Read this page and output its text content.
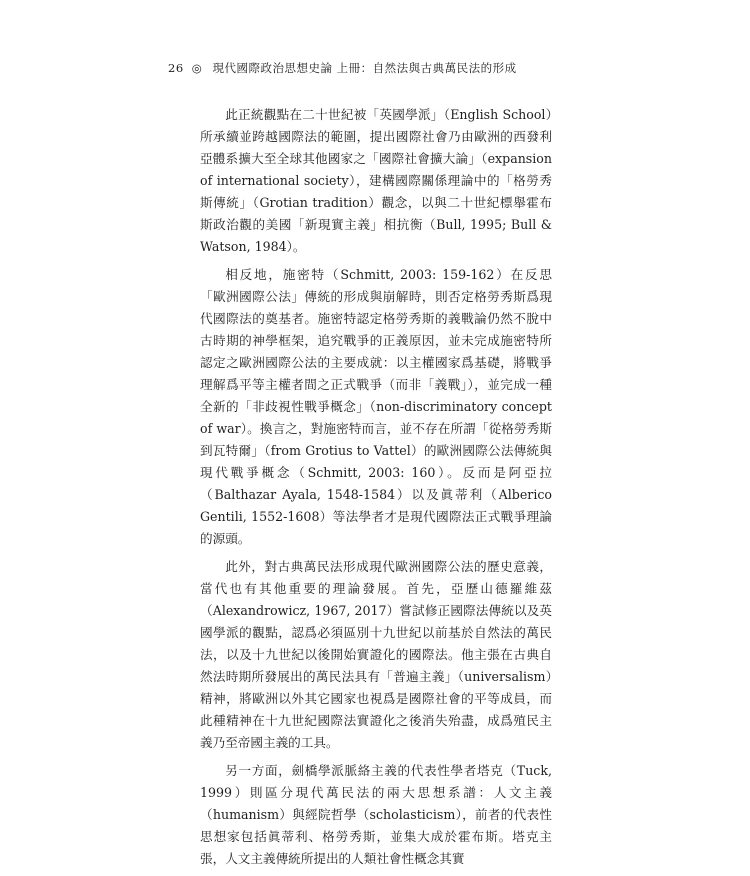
26 ◎ 現代國際政治思想史論 上冊：自然法與古典萬民法的形成

此正統觀點在二十世紀被「英國學派」（English School）所承續並跨越國際法的範圍，提出國際社會乃由歐洲的西發利亞體系擴大至全球其他國家之「國際社會擴大論」（expansion of international society），建構國際關係理論中的「格勞秀斯傳統」（Grotian tradition）觀念，以與二十世紀標舉霍布斯政治觀的美國「新現實主義」相抗衡（Bull, 1995; Bull & Watson, 1984）。

相反地，施密特（Schmitt, 2003: 159-162）在反思「歐洲國際公法」傳統的形成與崩解時，則否定格勞秀斯爲現代國際法的奠基者。施密特認定格勞秀斯的義戰論仍然不脫中古時期的神學框架，追究戰爭的正義原因，並未完成施密特所認定之歐洲國際公法的主要成就：以主權國家爲基礎，將戰爭理解爲平等主權者間之正式戰爭（而非「義戰」），並完成一種全新的「非歧視性戰爭概念」（non-discriminatory concept of war）。換言之，對施密特而言，並不存在所謂「從格勞秀斯到瓦特爾」（from Grotius to Vattel）的歐洲國際公法傳統與現代戰爭概念（Schmitt, 2003: 160）。反而是阿亞拉（Balthazar Ayala, 1548-1584）以及眞蒂利（Alberico Gentili, 1552-1608）等法學者才是現代國際法正式戰爭理論的源頭。

此外，對古典萬民法形成現代歐洲國際公法的歷史意義，當代也有其他重要的理論發展。首先，亞歷山德羅維茲（Alexandrowicz, 1967, 2017）嘗試修正國際法傳統以及英國學派的觀點，認爲必須區別十九世紀以前基於自然法的萬民法，以及十九世紀以後開始實證化的國際法。他主張在古典自然法時期所發展出的萬民法具有「普遍主義」（universalism）精神，將歐洲以外其它國家也視爲是國際社會的平等成員，而此種精神在十九世紀國際法實證化之後消失殆盡，成爲殖民主義乃至帝國主義的工具。

另一方面，劍橋學派脈絡主義的代表性學者塔克（Tuck, 1999）則區分現代萬民法的兩大思想系譜：人文主義（humanism）與經院哲學（scholasticism），前者的代表性思想家包括眞蒂利、格勞秀斯，並集大成於霍布斯。塔克主張，人文主義傳統所提出的人類社會性概念其實
